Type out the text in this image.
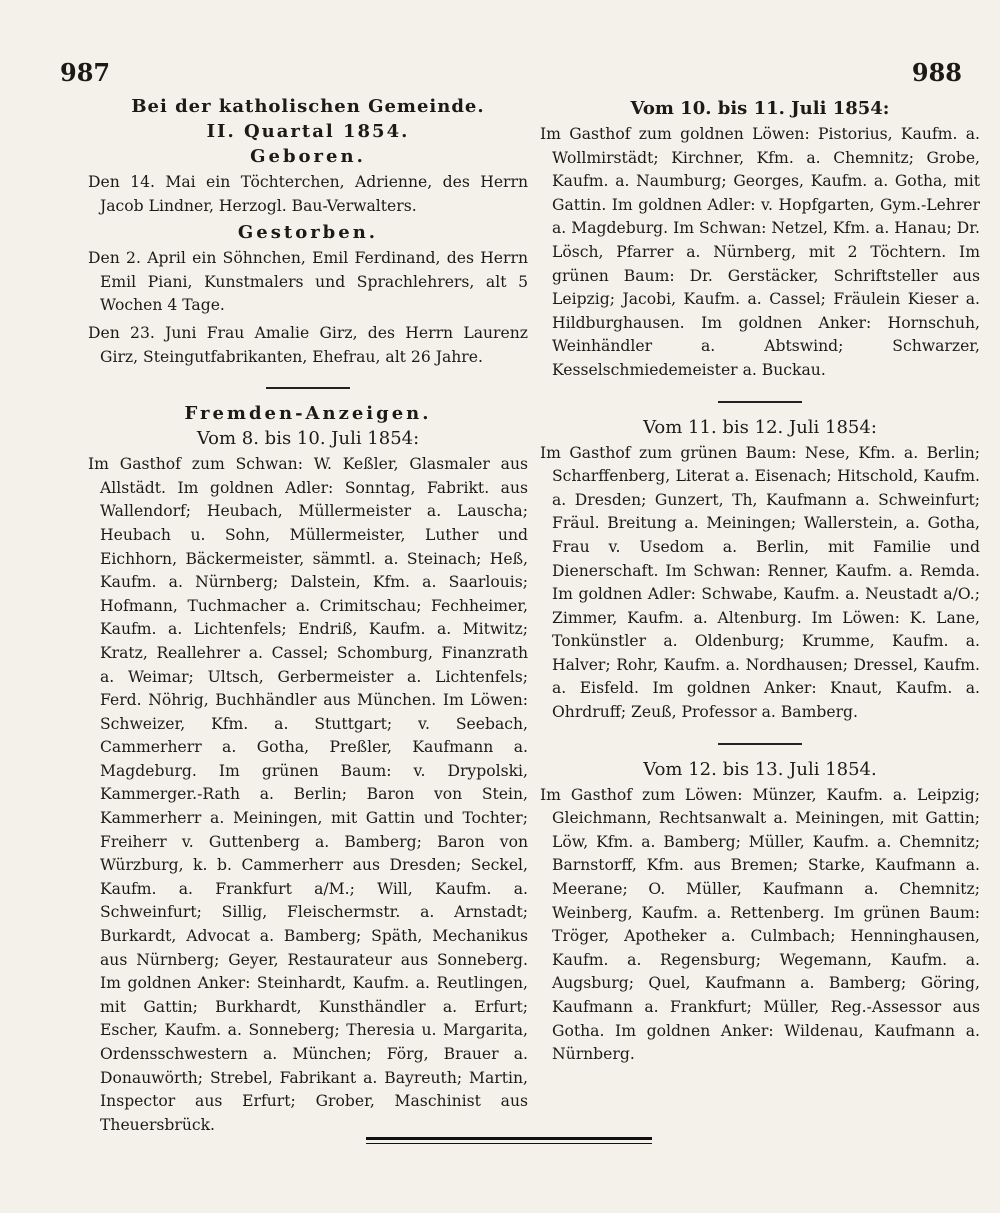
987	988

Bei der katholischen Gemeinde.

II. Quartal 1854.

Geboren.

Den 14. Mai ein Töchterchen, Adrienne, des Herrn Jacob Lindner, Herzogl. Bau-Verwalters.

Gestorben.

Den 2. April ein Söhnchen, Emil Ferdinand, des Herrn Emil Piani, Kunstmalers und Sprachlehrers, alt 5 Wochen 4 Tage.

Den 23. Juni Frau Amalie Girz, des Herrn Laurenz Girz, Steingutfabrikanten, Ehefrau, alt 26 Jahre.

Fremden-Anzeigen.

Vom 8. bis 10. Juli 1854:

Im Gasthof zum Schwan: W. Keßler, Glasmaler aus Allstädt. Im goldnen Adler: Sonntag, Fabrikt. aus Wallendorf; Heubach, Müllermeister a. Lauscha; Heubach u. Sohn, Müllermeister, Luther und Eichhorn, Bäckermeister, sämmtl. a. Steinach; Heß, Kaufm. a. Nürnberg; Dalstein, Kfm. a. Saarlouis; Hofmann, Tuchmacher a. Crimitschau; Fechheimer, Kaufm. a. Lichtenfels; Endriß, Kaufm. a. Mitwitz; Kratz, Reallehrer a. Cassel; Schomburg, Finanzrath a. Weimar; Ultsch, Gerbermeister a. Lichtenfels; Ferd. Nöhrig, Buchhändler aus München. Im Löwen: Schweizer, Kfm. a. Stuttgart; v. Seebach, Cammerherr a. Gotha, Preßler, Kaufmann a. Magdeburg. Im grünen Baum: v. Drypolski, Kammerger.-Rath a. Berlin; Baron von Stein, Kammerherr a. Meiningen, mit Gattin und Tochter; Freiherr v. Guttenberg a. Bamberg; Baron von Würzburg, k. b. Cammerherr aus Dresden; Seckel, Kaufm. a. Frankfurt a/M.; Will, Kaufm. a. Schweinfurt; Sillig, Fleischermstr. a. Arnstadt; Burkardt, Advocat a. Bamberg; Späth, Mechanikus aus Nürnberg; Geyer, Restaurateur aus Sonneberg. Im goldnen Anker: Steinhardt, Kaufm. a. Reutlingen, mit Gattin; Burkhardt, Kunsthändler a. Erfurt; Escher, Kaufm. a. Sonneberg; Theresia u. Margarita, Ordensschwestern a. München; Förg, Brauer a. Donauwörth; Strebel, Fabrikant a. Bayreuth; Martin, Inspector aus Erfurt; Grober, Maschinist aus Theuersbrück.

Vom 10. bis 11. Juli 1854:

Im Gasthof zum goldnen Löwen: Pistorius, Kaufm. a. Wollmirstädt; Kirchner, Kfm. a. Chemnitz; Grobe, Kaufm. a. Naumburg; Georges, Kaufm. a. Gotha, mit Gattin. Im goldnen Adler: v. Hopfgarten, Gym.-Lehrer a. Magdeburg. Im Schwan: Netzel, Kfm. a. Hanau; Dr. Lösch, Pfarrer a. Nürnberg, mit 2 Töchtern. Im grünen Baum: Dr. Gerstäcker, Schriftsteller aus Leipzig; Jacobi, Kaufm. a. Cassel; Fräulein Kieser a. Hildburghausen. Im goldnen Anker: Hornschuh, Weinhändler a. Abtswind; Schwarzer, Kesselschmiedemeister a. Buckau.

Vom 11. bis 12. Juli 1854:

Im Gasthof zum grünen Baum: Nese, Kfm. a. Berlin; Scharffenberg, Literat a. Eisenach; Hitschold, Kaufm. a. Dresden; Gunzert, Th, Kaufmann a. Schweinfurt; Fräul. Breitung a. Meiningen; Wallerstein, a. Gotha, Frau v. Usedom a. Berlin, mit Familie und Dienerschaft. Im Schwan: Renner, Kaufm. a. Remda. Im goldnen Adler: Schwabe, Kaufm. a. Neustadt a/O.; Zimmer, Kaufm. a. Altenburg. Im Löwen: K. Lane, Tonkünstler a. Oldenburg; Krumme, Kaufm. a. Halver; Rohr, Kaufm. a. Nordhausen; Dressel, Kaufm. a. Eisfeld. Im goldnen Anker: Knaut, Kaufm. a. Ohrdruff; Zeuß, Professor a. Bamberg.

Vom 12. bis 13. Juli 1854.

Im Gasthof zum Löwen: Münzer, Kaufm. a. Leipzig; Gleichmann, Rechtsanwalt a. Meiningen, mit Gattin; Löw, Kfm. a. Bamberg; Müller, Kaufm. a. Chemnitz; Barnstorff, Kfm. aus Bremen; Starke, Kaufmann a. Meerane; O. Müller, Kaufmann a. Chemnitz; Weinberg, Kaufm. a. Rettenberg. Im grünen Baum: Tröger, Apotheker a. Culmbach; Henninghausen, Kaufm. a. Regensburg; Wegemann, Kaufm. a. Augsburg; Quel, Kaufmann a. Bamberg; Göring, Kaufmann a. Frankfurt; Müller, Reg.-Assessor aus Gotha. Im goldnen Anker: Wildenau, Kaufmann a. Nürnberg.
